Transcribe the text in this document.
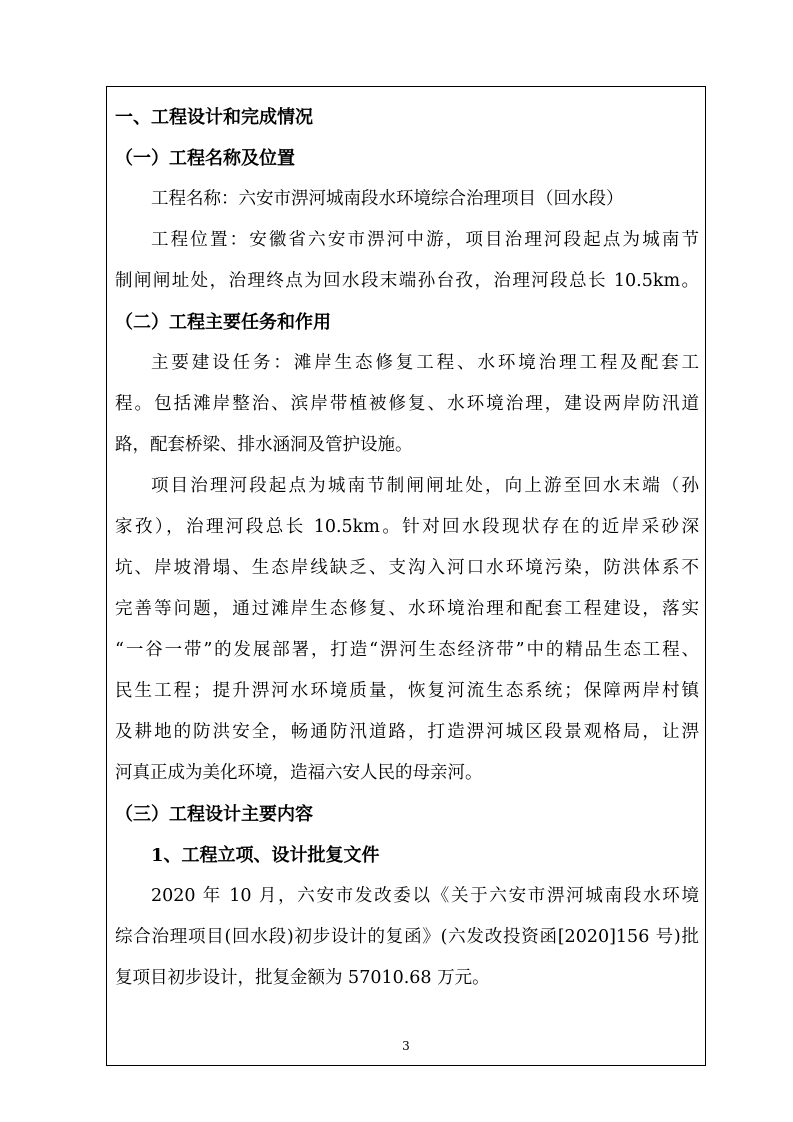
一、工程设计和完成情况
（一）工程名称及位置
工程名称：六安市淠河城南段水环境综合治理项目（回水段）
工程位置：安徽省六安市淠河中游，项目治理河段起点为城南节
制闸闸址处，治理终点为回水段末端孙台孜，治理河段总长 10.5km。
（二）工程主要任务和作用
主要建设任务：滩岸生态修复工程、水环境治理工程及配套工
程。包括滩岸整治、滨岸带植被修复、水环境治理，建设两岸防汛道
路，配套桥梁、排水涵洞及管护设施。
项目治理河段起点为城南节制闸闸址处，向上游至回水末端（孙
家孜），治理河段总长 10.5km。针对回水段现状存在的近岸采砂深
坑、岸坡滑塌、生态岸线缺乏、支沟入河口水环境污染，防洪体系不
完善等问题，通过滩岸生态修复、水环境治理和配套工程建设，落实
“一谷一带”的发展部署，打造“淠河生态经济带”中的精品生态工程、
民生工程；提升淠河水环境质量，恢复河流生态系统；保障两岸村镇
及耕地的防洪安全，畅通防汛道路，打造淠河城区段景观格局，让淠
河真正成为美化环境，造福六安人民的母亲河。
（三）工程设计主要内容
1、工程立项、设计批复文件
2020 年 10 月，六安市发改委以《关于六安市淠河城南段水环境
综合治理项目(回水段)初步设计的复函》(六发改投资函[2020]156 号)批
复项目初步设计，批复金额为 57010.68 万元。
3
